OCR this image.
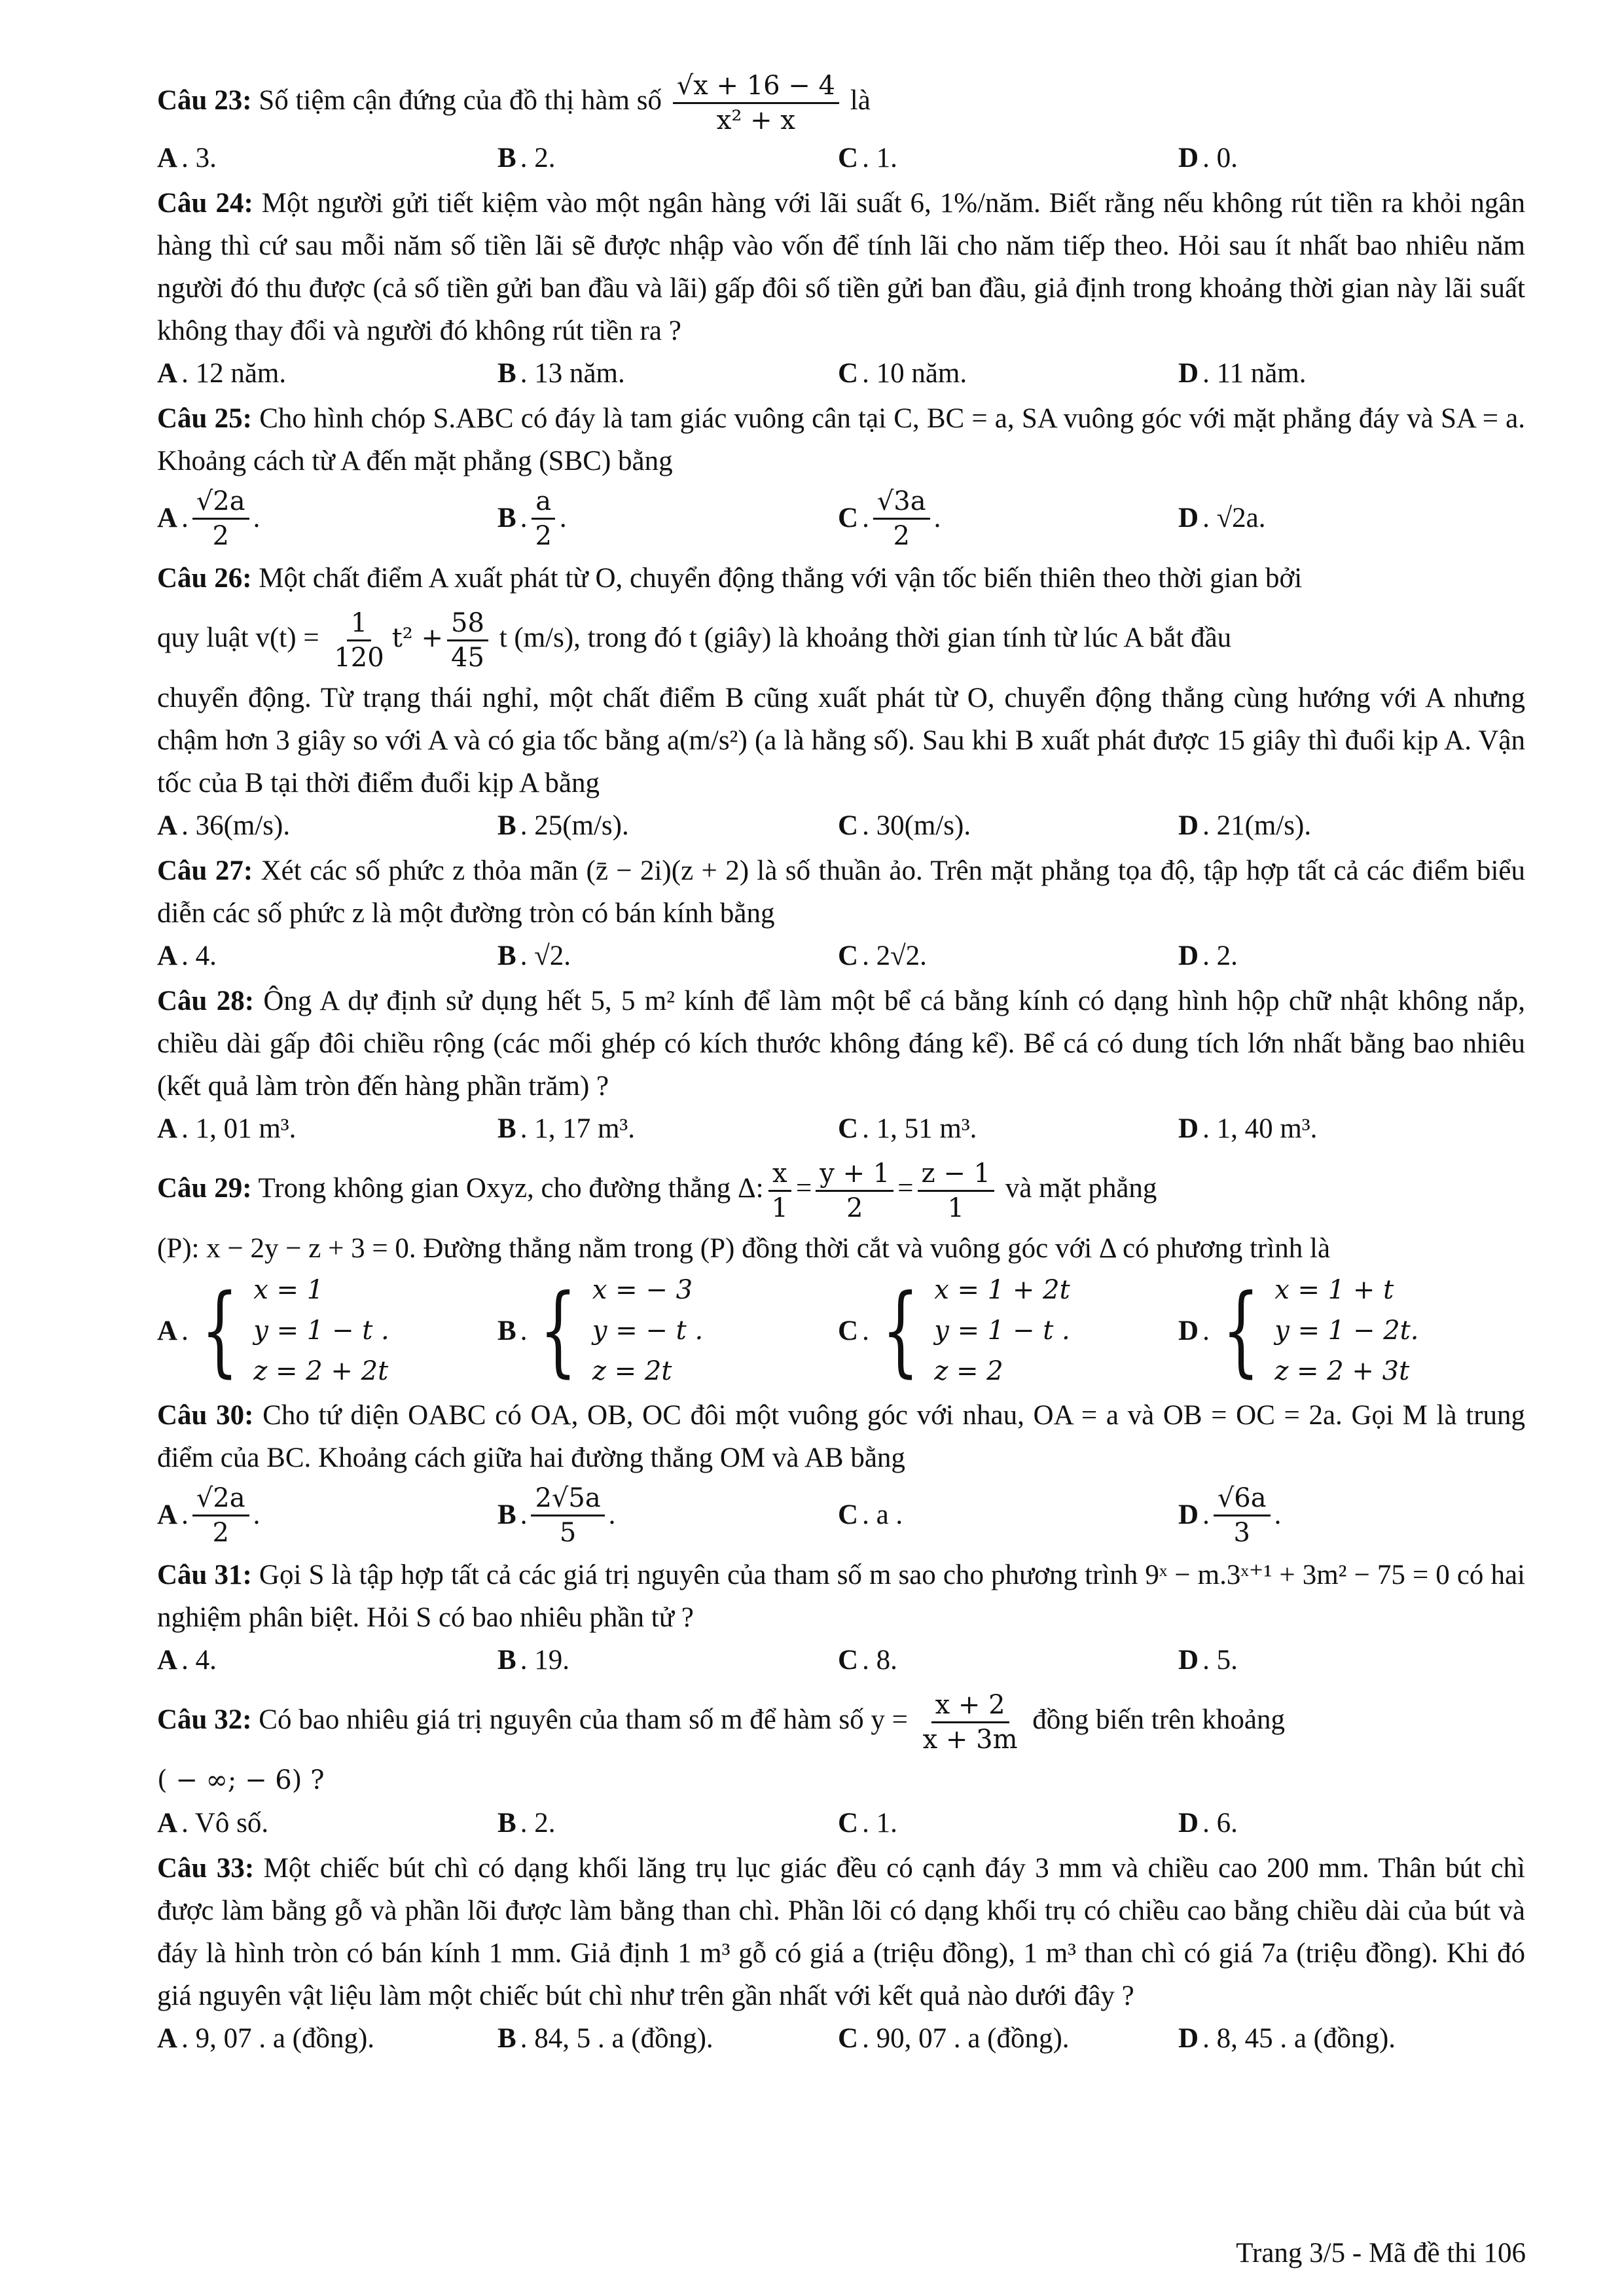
Câu 23: Số tiệm cận đứng của đồ thị hàm số $\frac{√x + 16 - 4}{\text{x² + x}}$ là
A . 3.	B . 2.	C . 1.	D . 0.
Câu 24: Một người gửi tiết kiệm vào một ngân hàng với lãi suất 6, 1%/năm. Biết rằng nếu không rút tiền ra khỏi ngân hàng thì cứ sau mỗi năm số tiền lãi sẽ được nhập vào vốn để tính lãi cho năm tiếp theo. Hỏi sau ít nhất bao nhiêu năm người đó thu được (cả số tiền gửi ban đầu và lãi) gấp đôi số tiền gửi ban đầu, giả định trong khoảng thời gian này lãi suất không thay đổi và người đó không rút tiền ra ?
A . 12 năm.	B . 13 năm.	C . 10 năm.	D . 11 năm.
Câu 25: Cho hình chóp S.ABC có đáy là tam giác vuông cân tại C, BC = a, SA vuông góc với mặt phẳng đáy và SA = a. Khoảng cách từ A đến mặt phẳng (SBC) bằng
A . $\frac{√2a}{2}$ .	B . $\frac{a}{2}$ .	C . $\frac{√3a}{2}$ .	D . √2a.
Câu 26: Một chất điểm A xuất phát từ O, chuyển động thẳng với vận tốc biến thiên theo thời gian bởi
quy luật $v(t) = \frac{1}{120} t^2 + \frac{58}{45}$ t (m/s), trong đó t (giây) là khoảng thời gian tính từ lúc A bắt đầu
chuyển động. Từ trạng thái nghỉ, một chất điểm B cũng xuất phát từ O, chuyển động thẳng cùng hướng với A nhưng chậm hơn 3 giây so với A và có gia tốc bằng a(m/s²) (a là hằng số). Sau khi B xuất phát được 15 giây thì đuổi kịp A. Vận tốc của B tại thời điểm đuổi kịp A bằng
A . 36(m/s).	B . 25(m/s).	C . 30(m/s).	D . 21(m/s).
Câu 27: Xét các số phức z thỏa mãn (z̄ − 2i)(z + 2) là số thuần ảo. Trên mặt phẳng tọa độ, tập hợp tất cả các điểm biểu diễn các số phức z là một đường tròn có bán kính bằng
A . 4.	B . √2.	C . 2√2.	D . 2.
Câu 28: Ông A dự định sử dụng hết 5, 5 m² kính để làm một bể cá bằng kính có dạng hình hộp chữ nhật không nắp, chiều dài gấp đôi chiều rộng (các mối ghép có kích thước không đáng kể). Bể cá có dung tích lớn nhất bằng bao nhiêu (kết quả làm tròn đến hàng phần trăm) ?
A . 1, 01 m³.	B . 1, 17 m³.	C . 1, 51 m³.	D . 1, 40 m³.
Câu 29: Trong không gian Oxyz, cho đường thẳng Δ: $\frac{x}{1} = \frac{y + 1}{2} = \frac{z - 1}{1}$ và mặt phẳng
(P): x − 2y − z + 3 = 0. Đường thẳng nằm trong (P) đồng thời cắt và vuông góc với Δ có phương trình là
A . { x = 1
y = 1 − t .
z = 2 + 2t
B . { x = − 3
y = − t .
z = 2t
C . { x = 1 + 2t
y = 1 − t .
z = 2
D . { x = 1 + t
y = 1 − 2t.
z = 2 + 3t
Câu 30: Cho tứ diện OABC có OA, OB, OC đôi một vuông góc với nhau, OA = a và OB = OC = 2a. Gọi M là trung điểm của BC. Khoảng cách giữa hai đường thẳng OM và AB bằng
A . $\frac{√2a}{2}$ .	B . $\frac{2√5a}{5}$ .	C . a .	D . $\frac{√6a}{3}$ .
Câu 31: Gọi S là tập hợp tất cả các giá trị nguyên của tham số m sao cho phương trình 9ˣ − m.3ˣ⁺¹ + 3m² − 75 = 0 có hai nghiệm phân biệt. Hỏi S có bao nhiêu phần tử ?
A . 4.	B . 19.	C . 8.	D . 5.
Câu 32: Có bao nhiêu giá trị nguyên của tham số m để hàm số $y = \frac{x + 2}{x + 3m}$ đồng biến trên khoảng
( − ∞; − 6) ?
A . Vô số.	B . 2.	C . 1.	D . 6.
Câu 33: Một chiếc bút chì có dạng khối lăng trụ lục giác đều có cạnh đáy 3 mm và chiều cao 200 mm. Thân bút chì được làm bằng gỗ và phần lõi được làm bằng than chì. Phần lõi có dạng khối trụ có chiều cao bằng chiều dài của bút và đáy là hình tròn có bán kính 1 mm. Giả định 1 m³ gỗ có giá a (triệu đồng), 1 m³ than chì có giá 7a (triệu đồng). Khi đó giá nguyên vật liệu làm một chiếc bút chì như trên gần nhất với kết quả nào dưới đây ?
A . 9, 07 . a (đồng).	B . 84, 5 . a (đồng).	C . 90, 07 . a (đồng).	D . 8, 45 . a (đồng).
Trang 3/5 - Mã đề thi 106
